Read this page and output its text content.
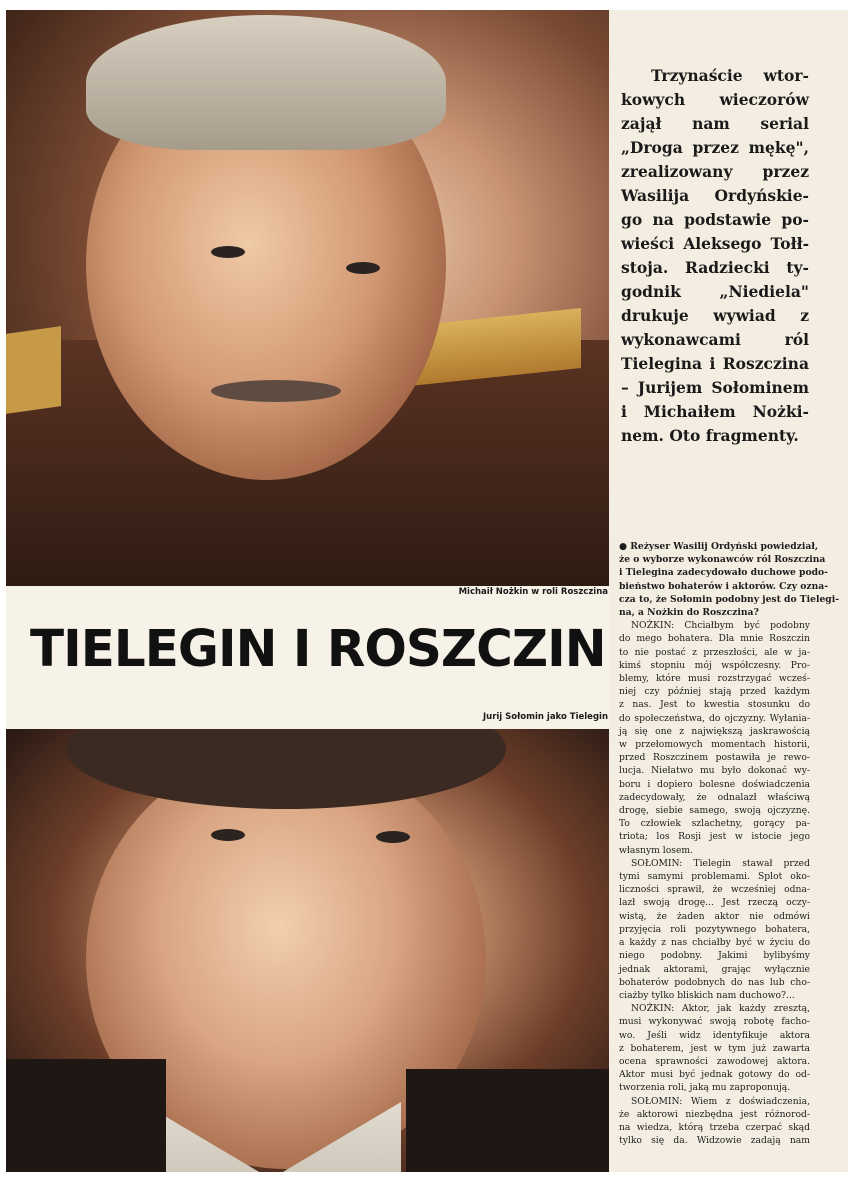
Trzynaście wtor-
kowych wieczorów
zajął nam serial
„Droga przez mękę",
zrealizowany przez
Wasilija Ordyńskie-
go na podstawie po-
wieści Aleksego Tołł-
stoja. Radziecki ty-
godnik „Niediela"
drukuje wywiad z
wykonawcami ról
Tielegina i Roszczina
– Jurijem Sołominem
i Michaiłem Nożki-
nem. Oto fragmenty.
Michaił Nożkin w roli Roszczina
TIELEGIN I ROSZCZIN
Jurij Sołomin jako Tielegin
● Reżyser Wasilij Ordyński powiedział,
że o wyborze wykonawców ról Roszczina
i Tielegina zadecydowało duchowe podo-
bieństwo bohaterów i aktorów. Czy ozna-
cza to, że Sołomin podobny jest do Tielegi-
na, a Nożkin do Roszczina?
NOŻKIN: Chciałbym być podobny
do mego bohatera. Dla mnie Roszczin
to nie postać z przeszłości, ale w ja-
kimś stopniu mój współczesny. Pro-
blemy, które musi rozstrzygać wcześ-
niej czy później stają przed każdym
z nas. Jest to kwestia stosunku do
do społeczeństwa, do ojczyzny. Wyłania-
ją się one z największą jaskrawością
w przełomowych momentach historii,
przed Roszczinem postawiła je rewo-
lucja. Niełatwo mu było dokonać wy-
boru i dopiero bolesne doświadczenia
zadecydowały, że odnalazł właściwą
drogę, siebie samego, swoją ojczyznę.
To człowiek szlachetny, gorący pa-
triota; los Rosji jest w istocie jego
własnym losem.
SOŁOMIN: Tielegin stawał przed
tymi samymi problemami. Splot oko-
liczności sprawił, że wcześniej odna-
lazł swoją drogę... Jest rzeczą oczy-
wistą, że żaden aktor nie odmówi
przyjęcia roli pozytywnego bohatera,
a każdy z nas chciałby być w życiu do
niego podobny. Jakimi bylibyśmy
jednak aktorami, grając wyłącznie
bohaterów podobnych do nas lub cho-
ciażby tylko bliskich nam duchowo?...
NOŻKIN: Aktor, jak każdy zresztą,
musi wykonywać swoją robotę facho-
wo. Jeśli widz identyfikuje aktora
z bohaterem, jest w tym już zawarta
ocena sprawności zawodowej aktora.
Aktor musi być jednak gotowy do od-
tworzenia roli, jaką mu zaproponują.
SOŁOMIN: Wiem z doświadczenia,
że aktorowi niezbędna jest różnorod-
na wiedza, którą trzeba czerpać skąd
tylko się da. Widzowie zadają nam
